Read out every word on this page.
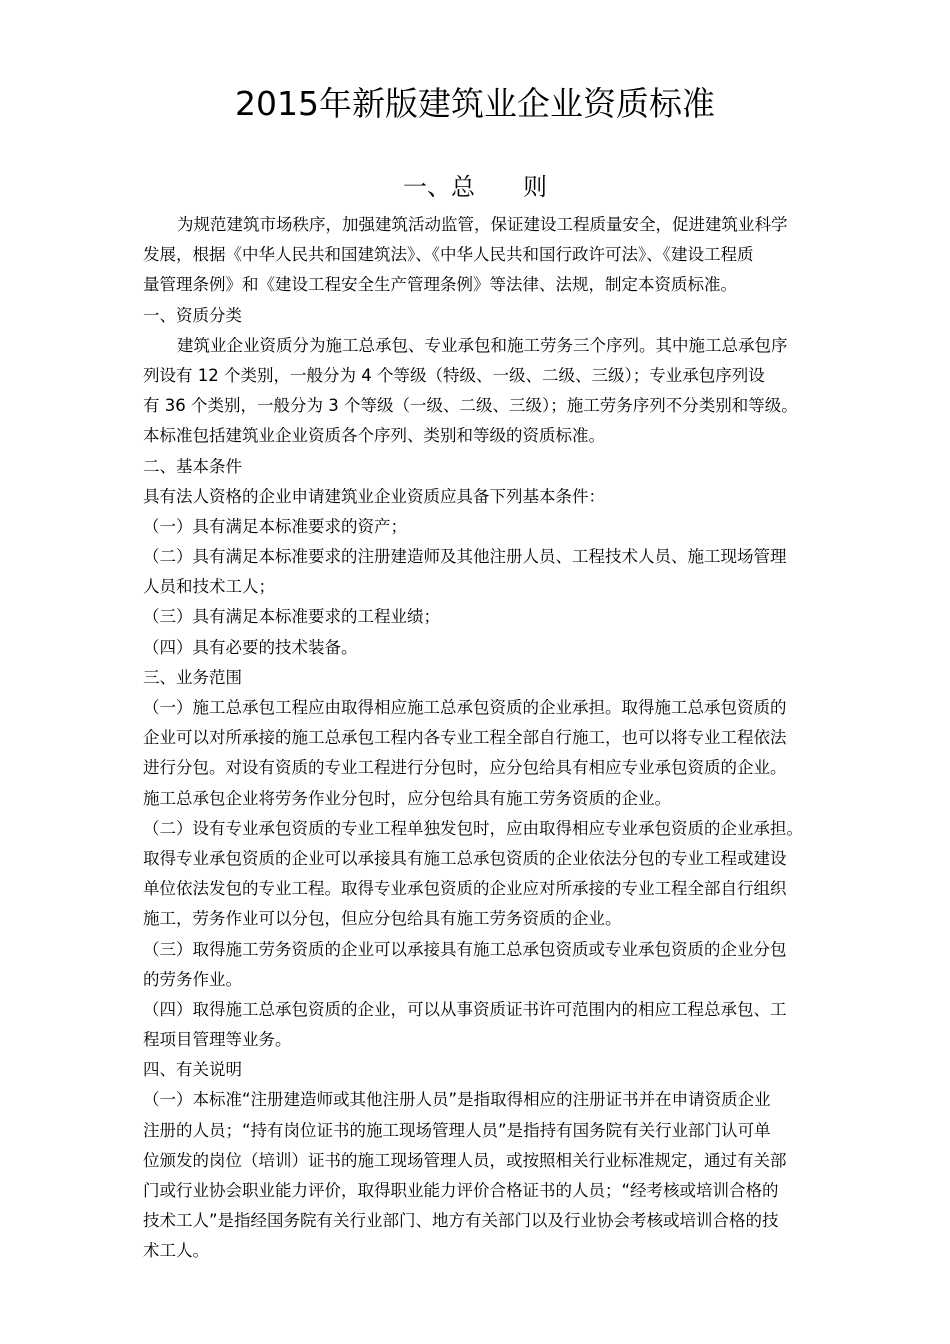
2015年新版建筑业企业资质标准
一、总　　则
为规范建筑市场秩序，加强建筑活动监管，保证建设工程质量安全，促进建筑业科学
发展，根据《中华人民共和国建筑法》、《中华人民共和国行政许可法》、《建设工程质
量管理条例》和《建设工程安全生产管理条例》等法律、法规，制定本资质标准。
一、资质分类
建筑业企业资质分为施工总承包、专业承包和施工劳务三个序列。其中施工总承包序
列设有 12 个类别，一般分为 4 个等级（特级、一级、二级、三级）；专业承包序列设
有 36 个类别，一般分为 3 个等级（一级、二级、三级）；施工劳务序列不分类别和等级。
本标准包括建筑业企业资质各个序列、类别和等级的资质标准。
二、基本条件
具有法人资格的企业申请建筑业企业资质应具备下列基本条件：
（一）具有满足本标准要求的资产；
（二）具有满足本标准要求的注册建造师及其他注册人员、工程技术人员、施工现场管理
人员和技术工人；
（三）具有满足本标准要求的工程业绩；
（四）具有必要的技术装备。
三、业务范围
（一）施工总承包工程应由取得相应施工总承包资质的企业承担。取得施工总承包资质的
企业可以对所承接的施工总承包工程内各专业工程全部自行施工，也可以将专业工程依法
进行分包。对设有资质的专业工程进行分包时，应分包给具有相应专业承包资质的企业。
施工总承包企业将劳务作业分包时，应分包给具有施工劳务资质的企业。
（二）设有专业承包资质的专业工程单独发包时，应由取得相应专业承包资质的企业承担。
取得专业承包资质的企业可以承接具有施工总承包资质的企业依法分包的专业工程或建设
单位依法发包的专业工程。取得专业承包资质的企业应对所承接的专业工程全部自行组织
施工，劳务作业可以分包，但应分包给具有施工劳务资质的企业。
（三）取得施工劳务资质的企业可以承接具有施工总承包资质或专业承包资质的企业分包
的劳务作业。
（四）取得施工总承包资质的企业，可以从事资质证书许可范围内的相应工程总承包、工
程项目管理等业务。
四、有关说明
（一）本标准“注册建造师或其他注册人员”是指取得相应的注册证书并在申请资质企业
注册的人员；“持有岗位证书的施工现场管理人员”是指持有国务院有关行业部门认可单
位颁发的岗位（培训）证书的施工现场管理人员，或按照相关行业标准规定，通过有关部
门或行业协会职业能力评价，取得职业能力评价合格证书的人员；“经考核或培训合格的
技术工人”是指经国务院有关行业部门、地方有关部门以及行业协会考核或培训合格的技
术工人。
